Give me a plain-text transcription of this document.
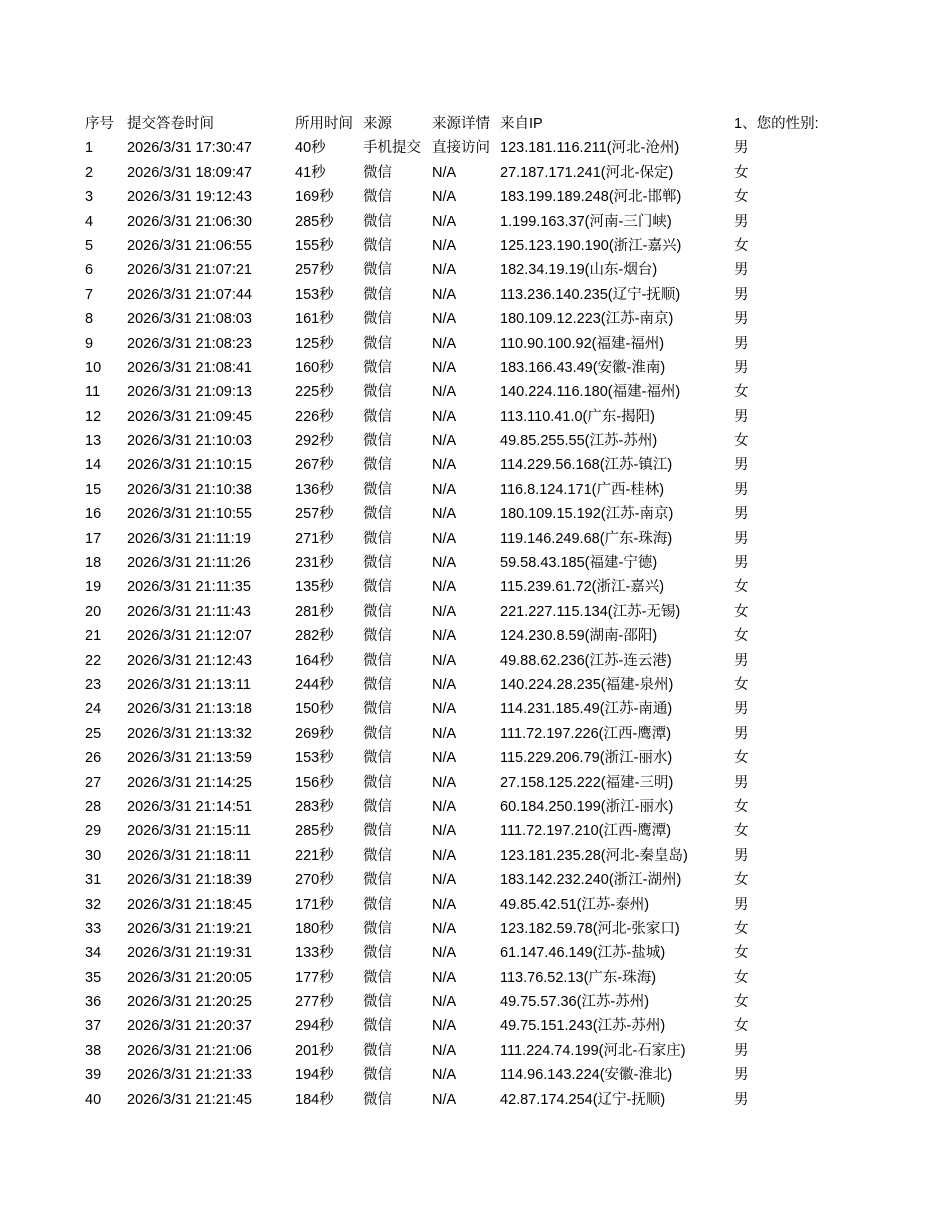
序号 提交答卷时间	所用时间 来源	来源详情 来自IP	1、您的性别:
1 2026/3/31 17:30:47	40秒	手机提交 直接访问 123.181.116.211(河北-沧州)	男
2 2026/3/31 18:09:47	41秒	微信	N/A	27.187.171.241(河北-保定)	女
3 2026/3/31 19:12:43	169秒 微信	N/A	183.199.189.248(河北-邯郸)	女
4 2026/3/31 21:06:30	285秒 微信	N/A	1.199.163.37(河南-三门峡)	男
5 2026/3/31 21:06:55	155秒 微信	N/A	125.123.190.190(浙江-嘉兴)	女
6 2026/3/31 21:07:21	257秒 微信	N/A	182.34.19.19(山东-烟台)	男
7 2026/3/31 21:07:44	153秒 微信	N/A	113.236.140.235(辽宁-抚顺)	男
8 2026/3/31 21:08:03	161秒 微信	N/A	180.109.12.223(江苏-南京)	男
9 2026/3/31 21:08:23	125秒 微信	N/A	110.90.100.92(福建-福州)	男
10 2026/3/31 21:08:41	160秒 微信	N/A	183.166.43.49(安徽-淮南)	男
11 2026/3/31 21:09:13	225秒 微信	N/A	140.224.116.180(福建-福州)	女
12 2026/3/31 21:09:45	226秒 微信	N/A	113.110.41.0(广东-揭阳)	男
13 2026/3/31 21:10:03	292秒 微信	N/A	49.85.255.55(江苏-苏州)	女
14 2026/3/31 21:10:15	267秒 微信	N/A	114.229.56.168(江苏-镇江)	男
15 2026/3/31 21:10:38	136秒 微信	N/A	116.8.124.171(广西-桂林)	男
16 2026/3/31 21:10:55	257秒 微信	N/A	180.109.15.192(江苏-南京)	男
17 2026/3/31 21:11:19	271秒 微信	N/A	119.146.249.68(广东-珠海)	男
18 2026/3/31 21:11:26	231秒 微信	N/A	59.58.43.185(福建-宁德)	男
19 2026/3/31 21:11:35	135秒 微信	N/A	115.239.61.72(浙江-嘉兴)	女
20 2026/3/31 21:11:43	281秒 微信	N/A	221.227.115.134(江苏-无锡)	女
21 2026/3/31 21:12:07	282秒 微信	N/A	124.230.8.59(湖南-邵阳)	女
22 2026/3/31 21:12:43	164秒 微信	N/A	49.88.62.236(江苏-连云港)	男
23 2026/3/31 21:13:11	244秒 微信	N/A	140.224.28.235(福建-泉州)	女
24 2026/3/31 21:13:18	150秒 微信	N/A	114.231.185.49(江苏-南通)	男
25 2026/3/31 21:13:32	269秒 微信	N/A	111.72.197.226(江西-鹰潭)	男
26 2026/3/31 21:13:59	153秒 微信	N/A	115.229.206.79(浙江-丽水)	女
27 2026/3/31 21:14:25	156秒 微信	N/A	27.158.125.222(福建-三明)	男
28 2026/3/31 21:14:51	283秒 微信	N/A	60.184.250.199(浙江-丽水)	女
29 2026/3/31 21:15:11	285秒 微信	N/A	111.72.197.210(江西-鹰潭)	女
30 2026/3/31 21:18:11	221秒 微信	N/A	123.181.235.28(河北-秦皇岛)	男
31 2026/3/31 21:18:39	270秒 微信	N/A	183.142.232.240(浙江-湖州)	女
32 2026/3/31 21:18:45	171秒 微信	N/A	49.85.42.51(江苏-泰州)	男
33 2026/3/31 21:19:21	180秒 微信	N/A	123.182.59.78(河北-张家口)	女
34 2026/3/31 21:19:31	133秒 微信	N/A	61.147.46.149(江苏-盐城)	女
35 2026/3/31 21:20:05	177秒 微信	N/A	113.76.52.13(广东-珠海)	女
36 2026/3/31 21:20:25	277秒 微信	N/A	49.75.57.36(江苏-苏州)	女
37 2026/3/31 21:20:37	294秒 微信	N/A	49.75.151.243(江苏-苏州)	女
38 2026/3/31 21:21:06	201秒 微信	N/A	111.224.74.199(河北-石家庄)	男
39 2026/3/31 21:21:33	194秒 微信	N/A	114.96.143.224(安徽-淮北)	男
40 2026/3/31 21:21:45	184秒 微信	N/A	42.87.174.254(辽宁-抚顺)	男
